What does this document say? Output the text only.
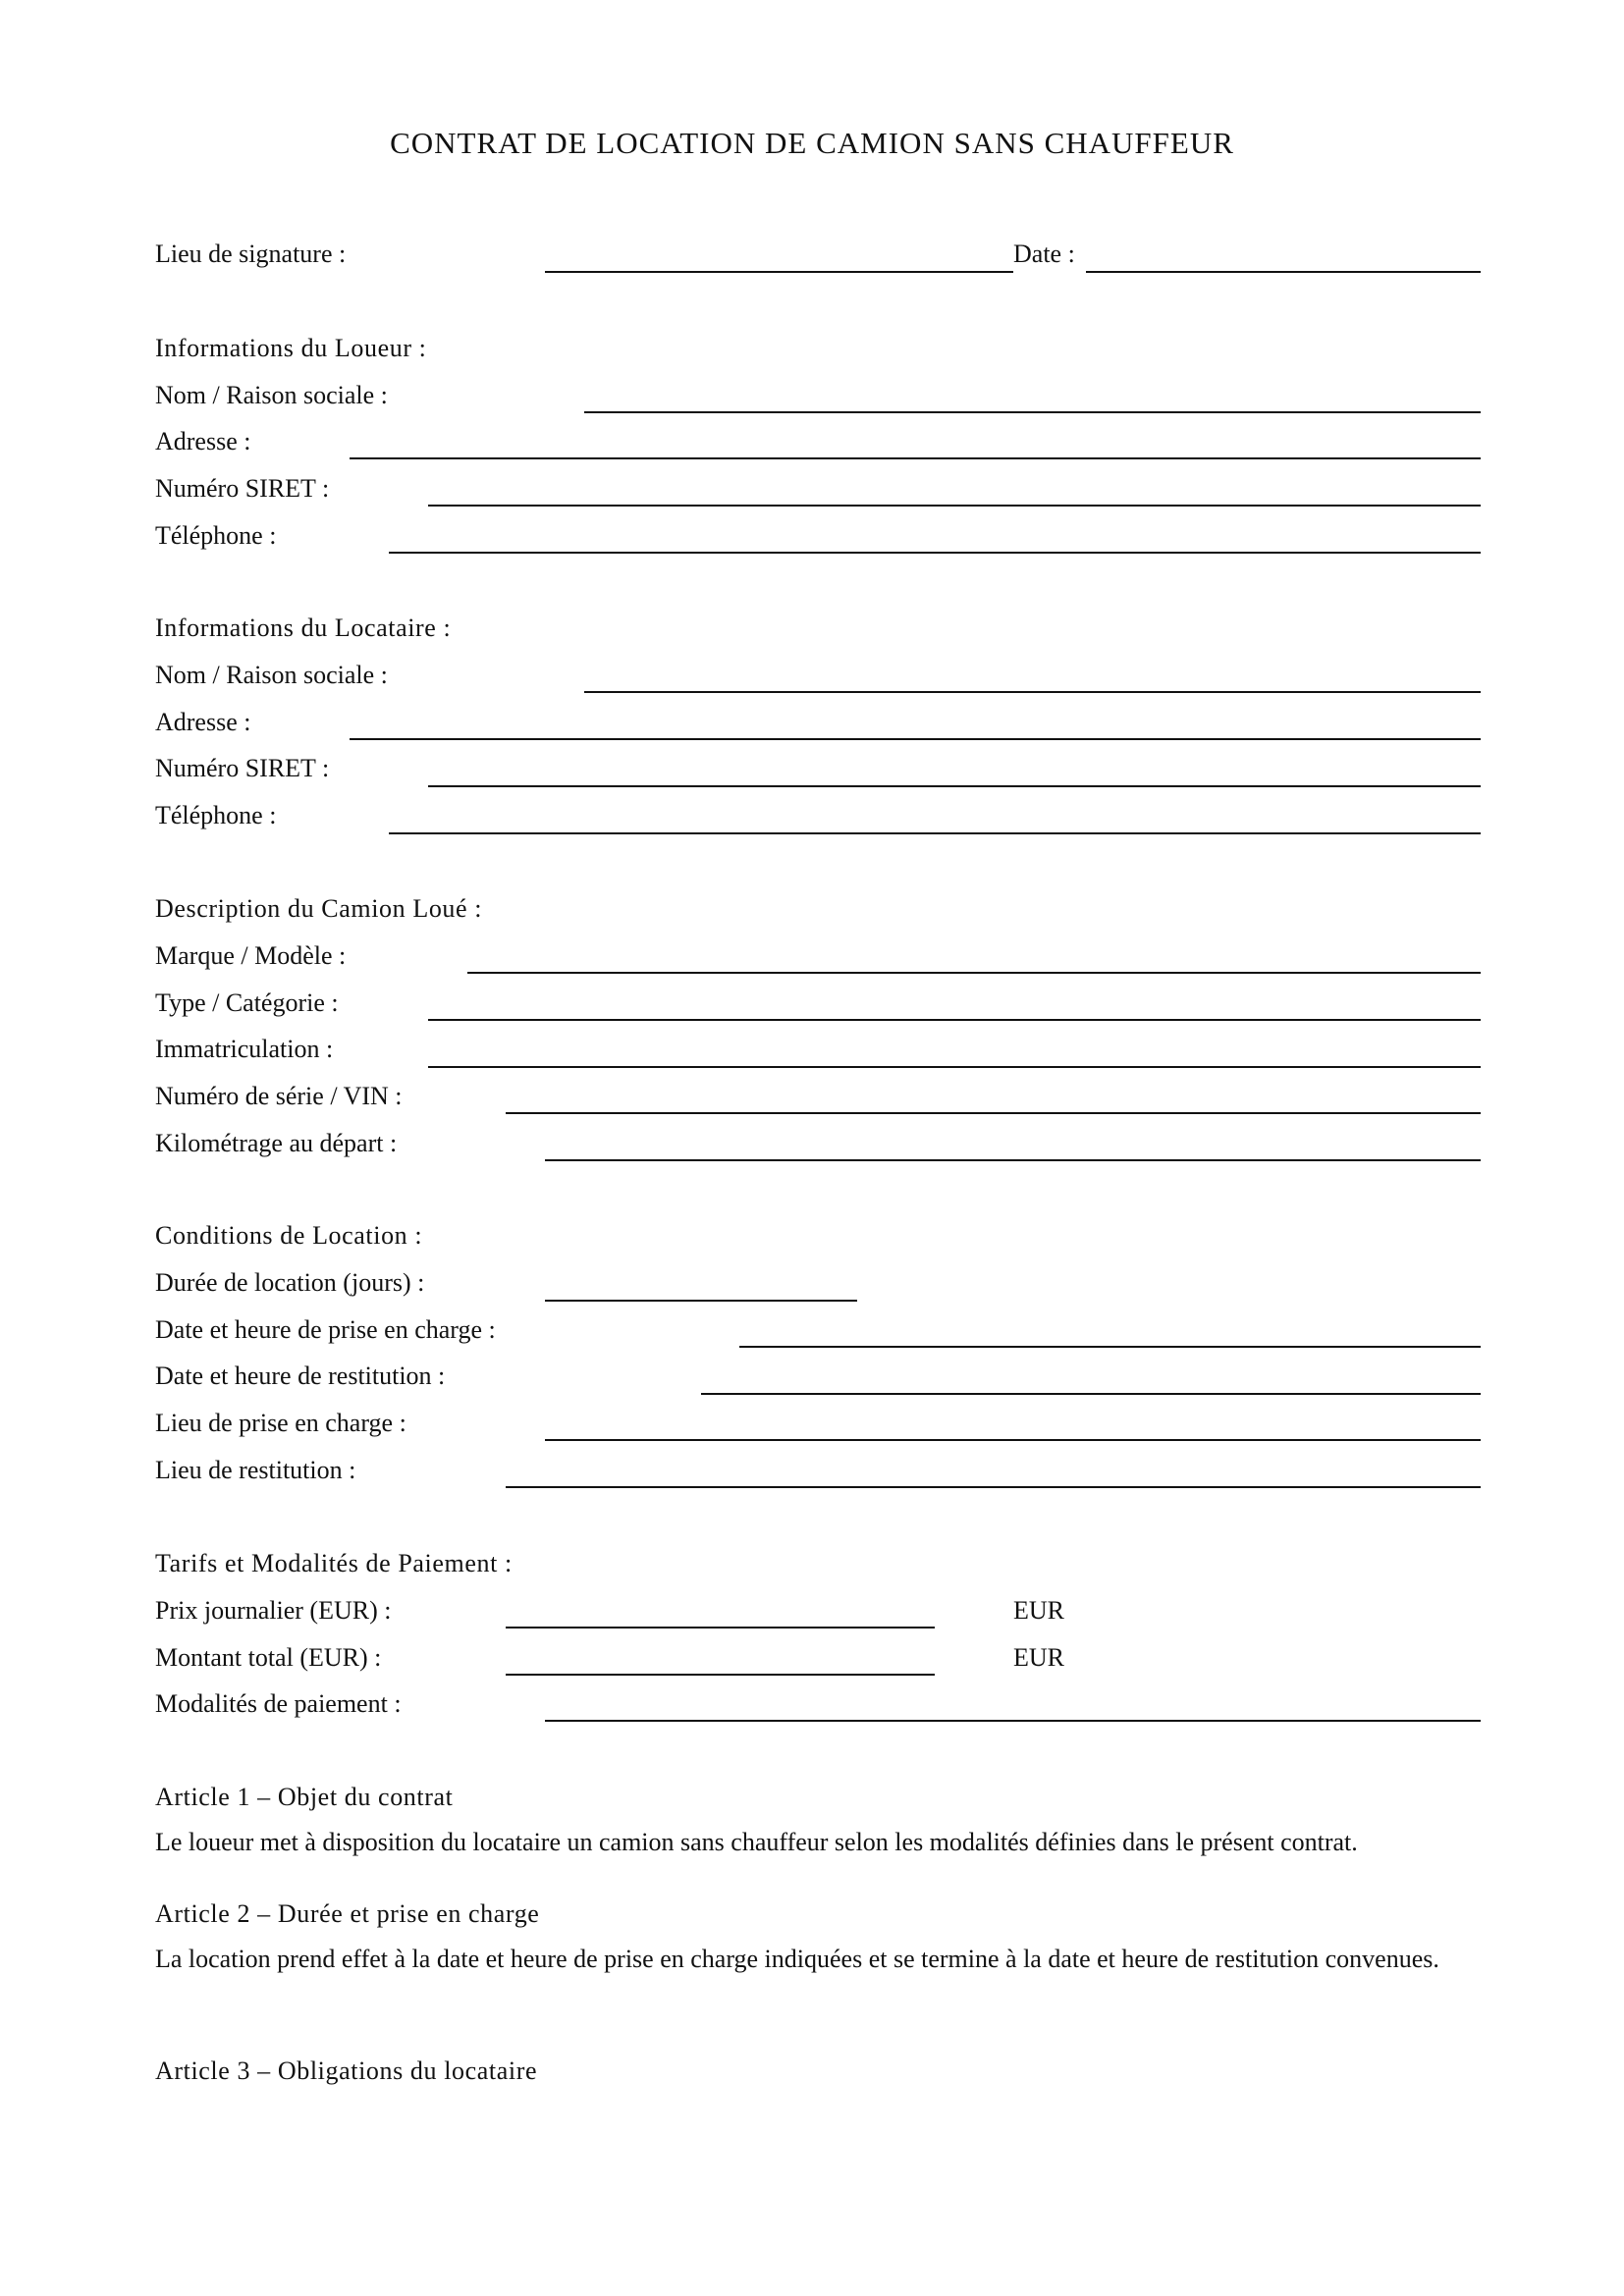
CONTRAT DE LOCATION DE CAMION SANS CHAUFFEUR
Lieu de signature :	Date :
Informations du Loueur :
Nom / Raison sociale :
Adresse :
Numéro SIRET :
Téléphone :
Informations du Locataire :
Nom / Raison sociale :
Adresse :
Numéro SIRET :
Téléphone :
Description du Camion Loué :
Marque / Modèle :
Type / Catégorie :
Immatriculation :
Numéro de série / VIN :
Kilométrage au départ :
Conditions de Location :
Durée de location (jours) :
Date et heure de prise en charge :
Date et heure de restitution :
Lieu de prise en charge :
Lieu de restitution :
Tarifs et Modalités de Paiement :
Prix journalier (EUR) :	EUR
Montant total (EUR) :	EUR
Modalités de paiement :
Article 1 – Objet du contrat
Le loueur met à disposition du locataire un camion sans chauffeur selon les modalités définies dans le présent contrat.
Article 2 – Durée et prise en charge
La location prend effet à la date et heure de prise en charge indiquées et se termine à la date et heure de restitution convenues.
Article 3 – Obligations du locataire
